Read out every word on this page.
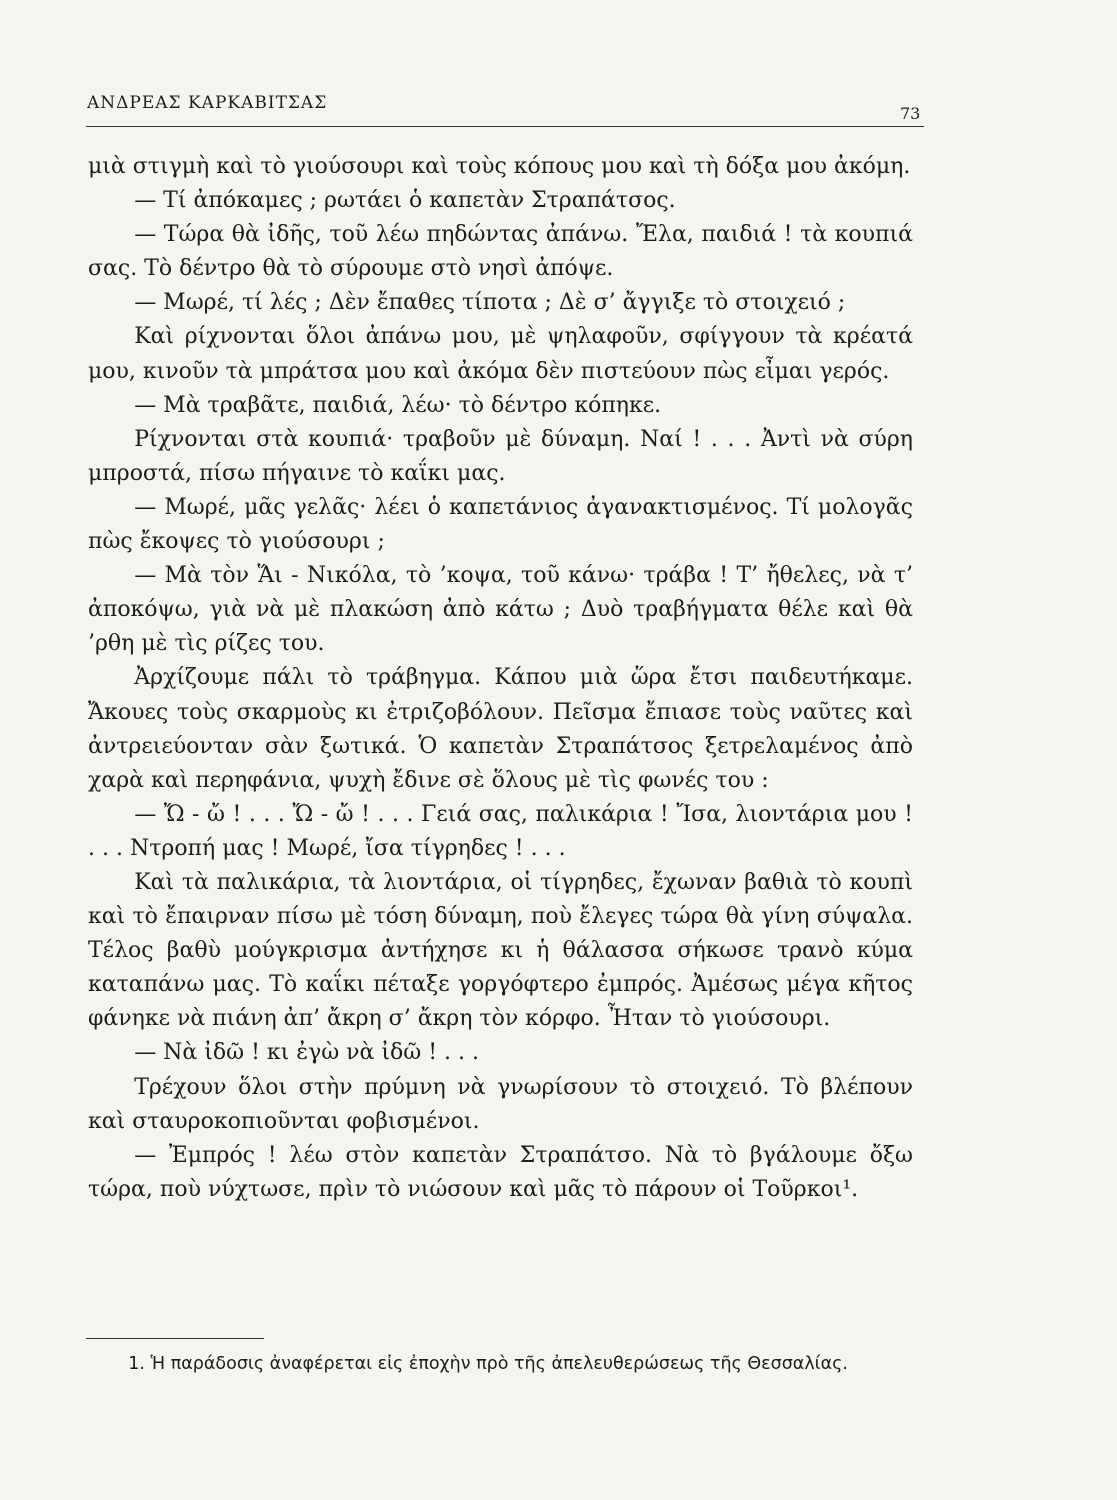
ΑΝΔΡΕΑΣ ΚΑΡΚΑΒΙΤΣΑΣ
73

μιὰ στιγμὴ καὶ τὸ γιούσουρι καὶ τοὺς κόπους μου καὶ τὴ δόξα μου ἀκόμη.

— Τί ἀπόκαμες ; ρωτάει ὁ καπετὰν Στραπάτσος.

— Τώρα θὰ ἰδῆς, τοῦ λέω πηδώντας ἀπάνω. Ἔλα, παιδιά ! τὰ κουπιά σας. Τὸ δέντρο θὰ τὸ σύρουμε στὸ νησὶ ἀπόψε.

— Μωρέ, τί λές ; Δὲν ἔπαθες τίποτα ; Δὲ σ’ ἄγγιξε τὸ στοιχειό ;

Καὶ ρίχνονται ὅλοι ἀπάνω μου, μὲ ψηλαφοῦν, σφίγγουν τὰ κρέατά μου, κινοῦν τὰ μπράτσα μου καὶ ἀκόμα δὲν πιστεύουν πὼς εἶμαι γερός.

— Μὰ τραβᾶτε, παιδιά, λέω· τὸ δέντρο κόπηκε.

Ρίχνονται στὰ κουπιά· τραβοῦν μὲ δύναμη. Ναί ! . . . Ἀντὶ νὰ σύρη μπροστά, πίσω πήγαινε τὸ καΐκι μας.

— Μωρέ, μᾶς γελᾶς· λέει ὁ καπετάνιος ἀγανακτισμένος. Τί μολογᾶς πὼς ἔκοψες τὸ γιούσουρι ;

— Μὰ τὸν Ἅι - Νικόλα, τὸ ’κοψα, τοῦ κάνω· τράβα ! Τ’ ἤθελες, νὰ τ’ ἀποκόψω, γιὰ νὰ μὲ πλακώση ἀπὸ κάτω ; Δυὸ τραβήγματα θέλε καὶ θὰ ’ρθη μὲ τὶς ρίζες του.

Ἀρχίζουμε πάλι τὸ τράβηγμα. Κάπου μιὰ ὥρα ἔτσι παιδευτήκαμε. Ἄκουες τοὺς σκαρμοὺς κι ἐτριζοβόλουν. Πεῖσμα ἔπιασε τοὺς ναῦτες καὶ ἀντρειεύονταν σὰν ξωτικά. Ὁ καπετὰν Στραπάτσος ξετρελαμένος ἀπὸ χαρὰ καὶ περηφάνια, ψυχὴ ἔδινε σὲ ὅλους μὲ τὶς φωνές του :

— Ὤ - ὤ ! . . . Ὤ - ὤ ! . . . Γειά σας, παλικάρια ! Ἴσα, λιοντάρια μου ! . . . Ντροπή μας ! Μωρέ, ἴσα τίγρηδες ! . . .

Καὶ τὰ παλικάρια, τὰ λιοντάρια, οἱ τίγρηδες, ἔχωναν βαθιὰ τὸ κουπὶ καὶ τὸ ἔπαιρναν πίσω μὲ τόση δύναμη, ποὺ ἔλεγες τώρα θὰ γίνη σύψαλα. Τέλος βαθὺ μούγκρισμα ἀντήχησε κι ἡ θάλασσα σήκωσε τρανὸ κύμα καταπάνω μας. Τὸ καΐκι πέταξε γοργόφτερο ἐμπρός. Ἀμέσως μέγα κῆτος φάνηκε νὰ πιάνη ἀπ’ ἄκρη σ’ ἄκρη τὸν κόρφο. Ἦταν τὸ γιούσουρι.

— Νὰ ἰδῶ ! κι ἐγὼ νὰ ἰδῶ ! . . .

Τρέχουν ὅλοι στὴν πρύμνη νὰ γνωρίσουν τὸ στοιχειό. Τὸ βλέπουν καὶ σταυροκοπιοῦνται φοβισμένοι.

— Ἐμπρός ! λέω στὸν καπετὰν Στραπάτσο. Νὰ τὸ βγάλουμε ὄξω τώρα, ποὺ νύχτωσε, πρὶν τὸ νιώσουν καὶ μᾶς τὸ πάρουν οἱ Τοῦρκοι¹.

1. Ἡ παράδοσις ἀναφέρεται εἰς ἐποχὴν πρὸ τῆς ἀπελευθερώσεως τῆς Θεσσαλίας.
